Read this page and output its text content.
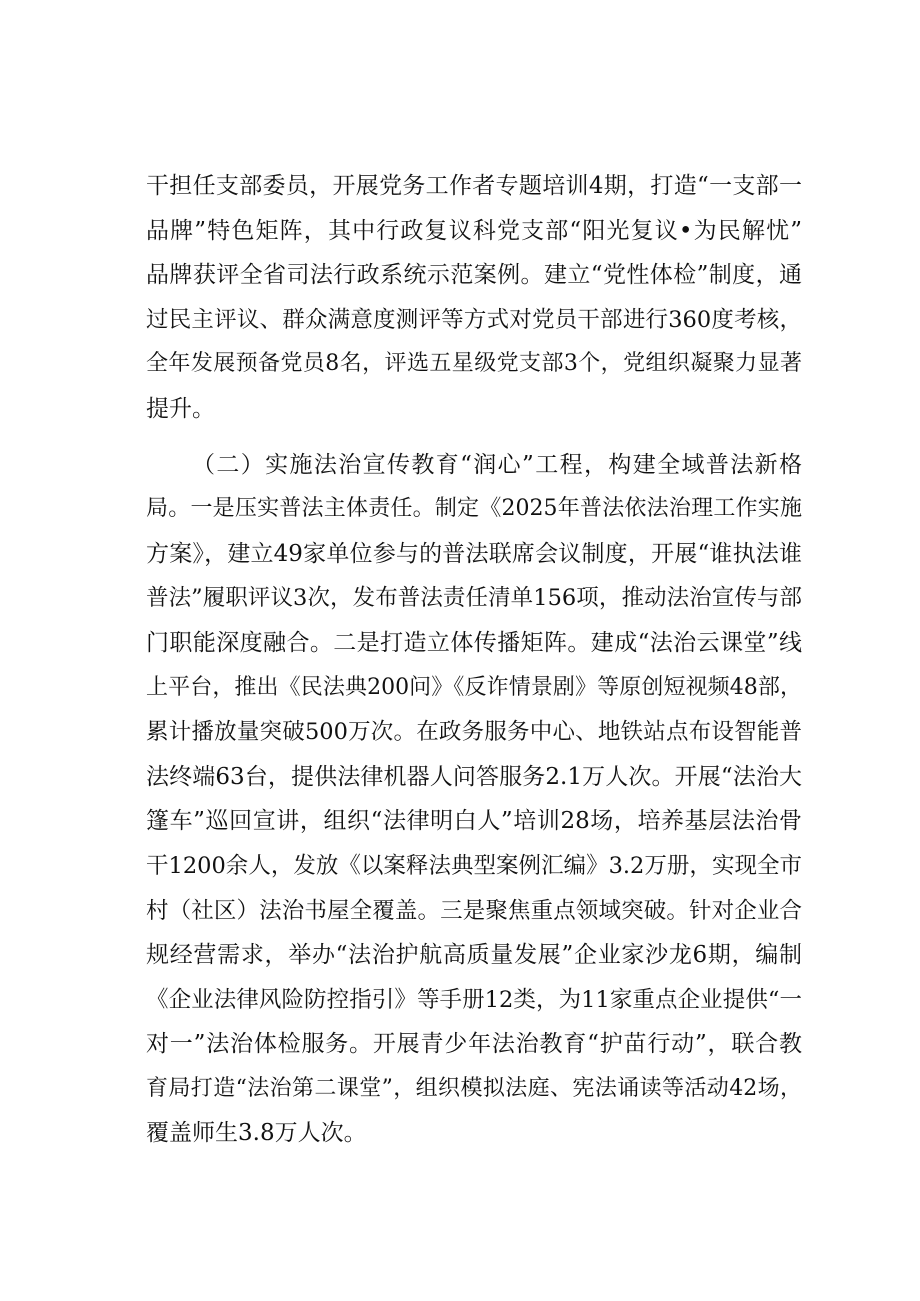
干担任支部委员，开展党务工作者专题培训4期，打造“一支部一
品牌”特色矩阵，其中行政复议科党支部“阳光复议•为民解忧”
品牌获评全省司法行政系统示范案例。建立“党性体检”制度，通
过民主评议、群众满意度测评等方式对党员干部进行360度考核，
全年发展预备党员8名，评选五星级党支部3个，党组织凝聚力显著
提升。
（二）实施法治宣传教育“润心”工程，构建全域普法新格
局。一是压实普法主体责任。制定《2025年普法依法治理工作实施
方案》，建立49家单位参与的普法联席会议制度，开展“谁执法谁
普法”履职评议3次，发布普法责任清单156项，推动法治宣传与部
门职能深度融合。二是打造立体传播矩阵。建成“法治云课堂”线
上平台，推出《民法典200问》《反诈情景剧》等原创短视频48部，
累计播放量突破500万次。在政务服务中心、地铁站点布设智能普
法终端63台，提供法律机器人问答服务2.1万人次。开展“法治大
篷车”巡回宣讲，组织“法律明白人”培训28场，培养基层法治骨
干1200余人，发放《以案释法典型案例汇编》3.2万册，实现全市
村（社区）法治书屋全覆盖。三是聚焦重点领域突破。针对企业合
规经营需求，举办“法治护航高质量发展”企业家沙龙6期，编制
《企业法律风险防控指引》等手册12类，为11家重点企业提供“一
对一”法治体检服务。开展青少年法治教育“护苗行动”，联合教
育局打造“法治第二课堂”，组织模拟法庭、宪法诵读等活动42场，
覆盖师生3.8万人次。
